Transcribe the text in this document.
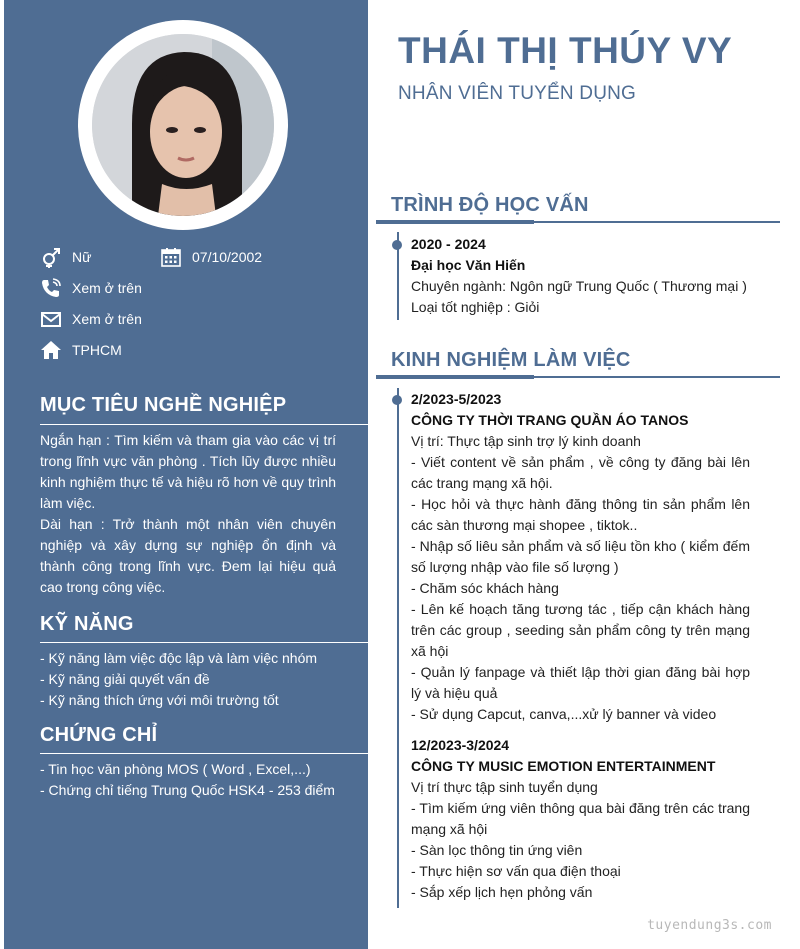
Nữ	07/10/2002
Xem ở trên
Xem ở trên
TPHCM
MỤC TIÊU NGHỀ NGHIỆP
Ngắn hạn : Tìm kiếm và tham gia vào các vị trí trong lĩnh vực văn phòng . Tích lũy được nhiều kinh nghiệm thực tế và hiệu rõ hơn về quy trình làm việc.
Dài hạn : Trở thành một nhân viên chuyên nghiệp và xây dựng sự nghiệp ổn định và thành công trong lĩnh vực. Đem lại hiệu quả cao trong công việc.
KỸ NĂNG
- Kỹ năng làm việc độc lập và làm việc nhóm
- Kỹ năng giải quyết vấn đề
- Kỹ năng thích ứng với môi trường tốt
CHỨNG CHỈ
- Tin học văn phòng MOS ( Word , Excel,...)
- Chứng chỉ tiếng Trung Quốc HSK4 - 253 điểm
THÁI THỊ THÚY VY
NHÂN VIÊN TUYỂN DỤNG
TRÌNH ĐỘ HỌC VẤN
2020 - 2024
Đại học Văn Hiến
Chuyên ngành: Ngôn ngữ Trung Quốc ( Thương mại )
Loại tốt nghiệp : Giỏi
KINH NGHIỆM LÀM VIỆC
2/2023-5/2023
CÔNG TY THỜI TRANG QUẦN ÁO TANOS
Vị trí: Thực tập sinh trợ lý kinh doanh
- Viết content về sản phẩm , về công ty đăng bài lên các trang mạng xã hội.
- Học hỏi và thực hành đăng thông tin sản phẩm lên các sàn thương mại shopee , tiktok..
- Nhập số liêu sản phẩm và số liệu tồn kho ( kiểm đếm số lượng nhập vào file số lượng )
- Chăm sóc khách hàng
- Lên kế hoạch tăng tương tác , tiếp cận khách hàng trên các group , seeding sản phẩm công ty trên mạng xã hội
- Quản lý fanpage và thiết lập thời gian đăng bài hợp lý và hiệu quả
- Sử dụng Capcut, canva,...xử lý banner và video
12/2023-3/2024
CÔNG TY MUSIC EMOTION ENTERTAINMENT
Vị trí thực tập sinh tuyển dụng
- Tìm kiếm ứng viên thông qua bài đăng trên các trang mạng xã hội
- Sàn lọc thông tin ứng viên
- Thực hiện sơ vấn qua điện thoại
- Sắp xếp lịch hẹn phỏng vấn
tuyendung3s.com
